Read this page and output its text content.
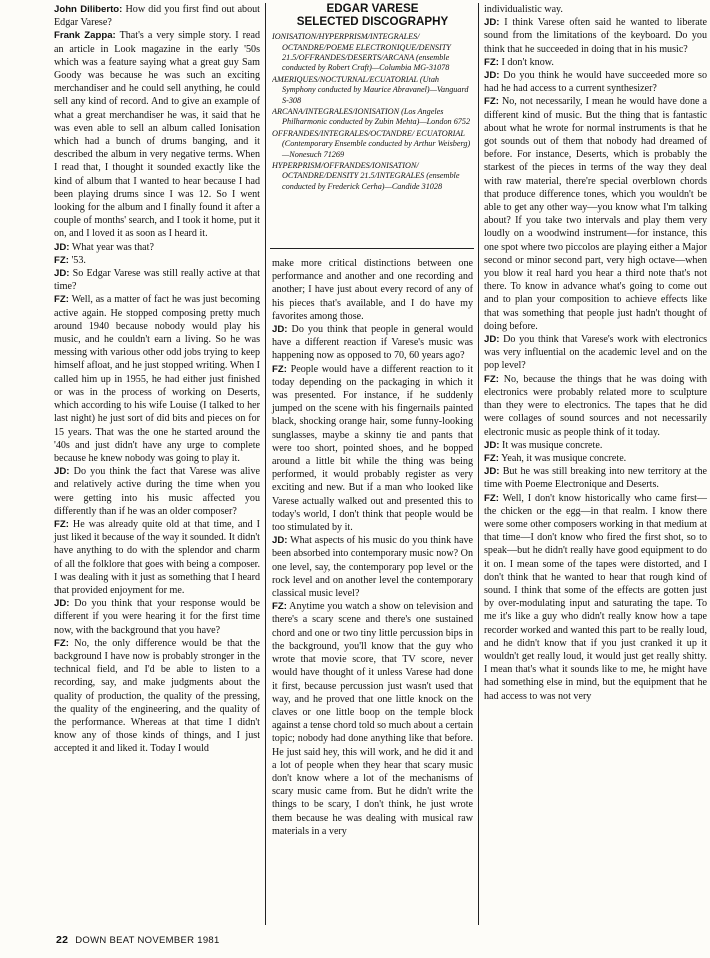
John Diliberto: How did you first find out about Edgar Varese?

Frank Zappa: That's a very simple story. I read an article in Look magazine in the early '50s which was a feature saying what a great guy Sam Goody was because he was such an exciting merchandiser and he could sell anything, he could sell any kind of record. And to give an example of what a great merchandiser he was, it said that he was even able to sell an album called Ionisation which had a bunch of drums banging, and it described the album in very negative terms. When I read that, I thought it sounded exactly like the kind of album that I wanted to hear because I had been playing drums since I was 12. So I went looking for the album and I finally found it after a couple of months' search, and I took it home, put it on, and I loved it as soon as I heard it.

JD: What year was that?

FZ: '53.

JD: So Edgar Varese was still really active at that time?

FZ: Well, as a matter of fact he was just becoming active again. He stopped composing pretty much around 1940 because nobody would play his music, and he couldn't earn a living. So he was messing with various other odd jobs trying to keep himself afloat, and he just stopped writing. When I called him up in 1955, he had either just finished or was in the process of working on Deserts, which according to his wife Louise (I talked to her last night) he just sort of did bits and pieces on for 15 years. That was the one he started around the '40s and just didn't have any urge to complete because he knew nobody was going to play it.

JD: Do you think the fact that Varese was alive and relatively active during the time when you were getting into his music affected you differently than if he was an older composer?

FZ: He was already quite old at that time, and I just liked it because of the way it sounded. It didn't have anything to do with the splendor and charm of all the folklore that goes with being a composer. I was dealing with it just as something that I heard that provided enjoyment for me.

JD: Do you think that your response would be different if you were hearing it for the first time now, with the background that you have?

FZ: No, the only difference would be that the background I have now is probably stronger in the technical field, and I'd be able to listen to a recording, say, and make judgments about the quality of production, the quality of the pressing, the quality of the engineering, and the quality of the performance. Whereas at that time I didn't know any of those kinds of things, and I just accepted it and liked it. Today I would

EDGAR VARESE
SELECTED DISCOGRAPHY
IONISATION/HYPERPRISM/INTEGRALES/ OCTANDRE/POEME ELECTRONIQUE/DENSITY 21.5/OFFRANDES/DESERTS/ARCANA (ensemble conducted by Robert Craft)—Columbia MG-31078
AMERIQUES/NOCTURNAL/ECUATORIAL (Utah Symphony conducted by Maurice Abravanel)—Vanguard S-308
ARCANA/INTEGRALES/IONISATION (Los Angeles Philharmonic conducted by Zubin Mehta)—London 6752
OFFRANDES/INTEGRALES/OCTANDRE/ ECUATORIAL (Contemporary Ensemble conducted by Arthur Weisberg)—Nonesuch 71269
HYPERPRISM/OFFRANDES/IONISATION/ OCTANDRE/DENSITY 21.5/INTEGRALES (ensemble conducted by Frederick Cerha)—Candide 31028

make more critical distinctions between one performance and another and one recording and another; I have just about every record of any of his pieces that's available, and I do have my favorites among those.

JD: Do you think that people in general would have a different reaction if Varese's music was happening now as opposed to 70, 60 years ago?

FZ: People would have a different reaction to it today depending on the packaging in which it was presented. For instance, if he suddenly jumped on the scene with his fingernails painted black, shocking orange hair, some funny-looking sunglasses, maybe a skinny tie and pants that were too short, pointed shoes, and he bopped around a little bit while the thing was being performed, it would probably register as very exciting and new. But if a man who looked like Varese actually walked out and presented this to today's world, I don't think that people would be too stimulated by it.

JD: What aspects of his music do you think have been absorbed into contemporary music now? On one level, say, the contemporary pop level or the rock level and on another level the contemporary classical music level?

FZ: Anytime you watch a show on television and there's a scary scene and there's one sustained chord and one or two tiny little percussion bips in the background, you'll know that the guy who wrote that movie score, that TV score, never would have thought of it unless Varese had done it first, because percussion just wasn't used that way, and he proved that one little knock on the claves or one little boop on the temple block against a tense chord told so much about a certain topic; nobody had done anything like that before. He just said hey, this will work, and he did it and a lot of people when they hear that scary music don't know where a lot of the mechanisms of scary music came from. But he didn't write the things to be scary, I don't think, he just wrote them because he was dealing with musical raw materials in a very

individualistic way.

JD: I think Varese often said he wanted to liberate sound from the limitations of the keyboard. Do you think that he succeeded in doing that in his music?

FZ: I don't know.

JD: Do you think he would have succeeded more so had he had access to a current synthesizer?

FZ: No, not necessarily, I mean he would have done a different kind of music. But the thing that is fantastic about what he wrote for normal instruments is that he got sounds out of them that nobody had dreamed of before. For instance, Deserts, which is probably the starkest of the pieces in terms of the way they deal with raw material, there're special overblown chords that produce difference tones, which you wouldn't be able to get any other way—you know what I'm talking about? If you take two intervals and play them very loudly on a woodwind instrument—for instance, this one spot where two piccolos are playing either a Major second or minor second part, very high octave—when you blow it real hard you hear a third note that's not there. To know in advance what's going to come out and to plan your composition to achieve effects like that was something that people just hadn't thought of doing before.

JD: Do you think that Varese's work with electronics was very influential on the academic level and on the pop level?

FZ: No, because the things that he was doing with electronics were probably related more to sculpture than they were to electronics. The tapes that he did were collages of sound sources and not necessarily electronic music as people think of it today.

JD: It was musique concrete.

FZ: Yeah, it was musique concrete.

JD: But he was still breaking into new territory at the time with Poeme Electronique and Deserts.

FZ: Well, I don't know historically who came first—the chicken or the egg—in that realm. I know there were some other composers working in that medium at that time—I don't know who fired the first shot, so to speak—but he didn't really have good equipment to do it on. I mean some of the tapes were distorted, and I don't think that he wanted to hear that rough kind of sound. I think that some of the effects are gotten just by over-modulating input and saturating the tape. To me it's like a guy who didn't really know how a tape recorder worked and wanted this part to be really loud, and he didn't know that if you just cranked it up it wouldn't get really loud, it would just get really shitty. I mean that's what it sounds like to me, he might have had something else in mind, but the equipment that he had access to was not very

22 DOWN BEAT NOVEMBER 1981
